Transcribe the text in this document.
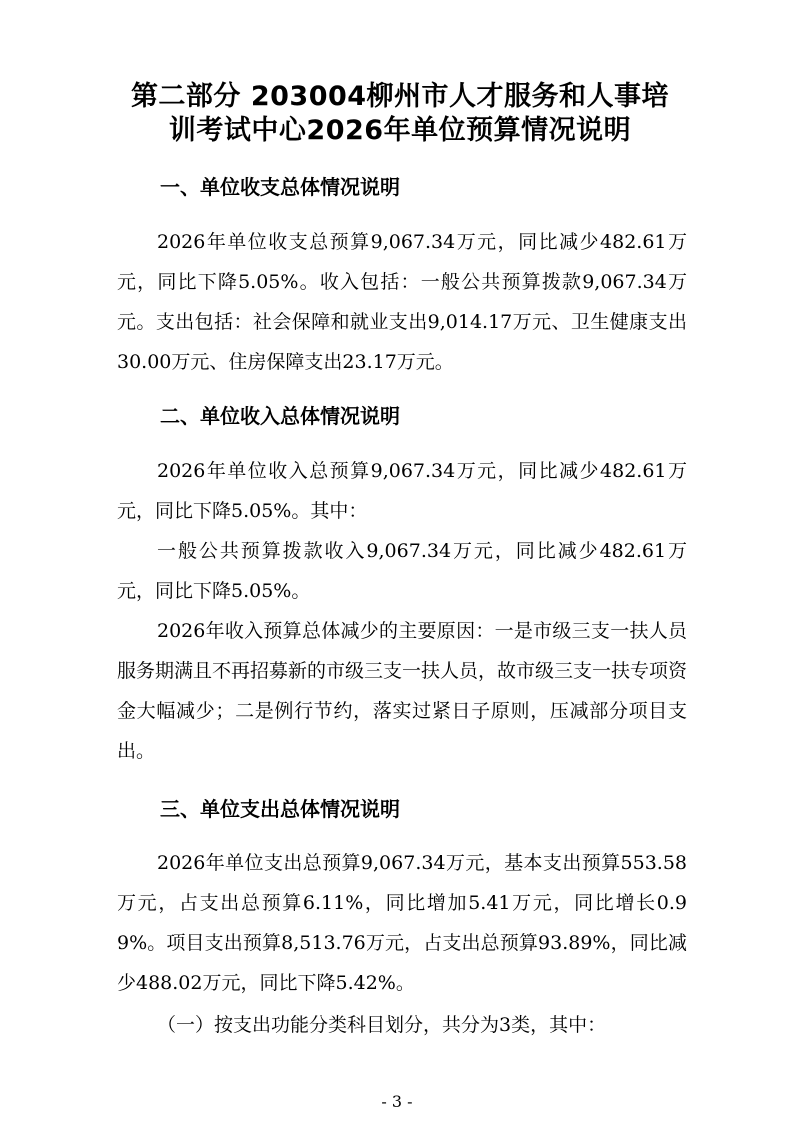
第二部分 203004柳州市人才服务和人事培
训考试中心2026年单位预算情况说明
一、单位收支总体情况说明

2026年单位收支总预算9,067.34万元，同比减少482.61万元，同比下降5.05%。收入包括：一般公共预算拨款9,067.34万元。支出包括：社会保障和就业支出9,014.17万元、卫生健康支出30.00万元、住房保障支出23.17万元。

二、单位收入总体情况说明

2026年单位收入总预算9,067.34万元，同比减少482.61万元，同比下降5.05%。其中：

一般公共预算拨款收入9,067.34万元，同比减少482.61万元，同比下降5.05%。

2026年收入预算总体减少的主要原因：一是市级三支一扶人员服务期满且不再招募新的市级三支一扶人员，故市级三支一扶专项资金大幅减少；二是例行节约，落实过紧日子原则，压减部分项目支出。

三、单位支出总体情况说明

2026年单位支出总预算9,067.34万元，基本支出预算553.58万元，占支出总预算6.11%，同比增加5.41万元，同比增长0.99%。项目支出预算8,513.76万元，占支出总预算93.89%，同比减少488.02万元，同比下降5.42%。

（一）按支出功能分类科目划分，共分为3类，其中：

- 3 -
